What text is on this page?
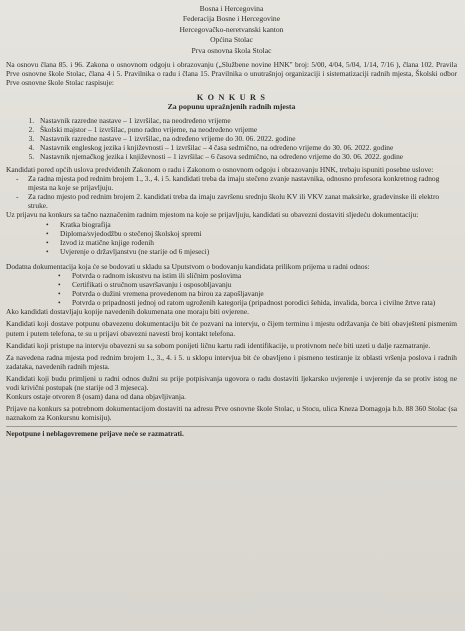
Bosna i Hercegovina
Federacija Bosne i Hercegovine
Hercegovačko-neretvanski kanton
Općina Stolac
Prva osnovna škola Stolac

Na osnovu člana 85. i 96. Zakona o osnovnom odgoju i obrazovanju („Službene novine HNK" broj: 5/00, 4/04, 5/04, 1/14, 7/16 ), člana 102. Pravila Prve osnovne škole Stolac, člana 4 i 5. Pravilnika o radu i člana 15. Pravilnika o unutrašnjoj organizaciji i sistematizaciji radnih mjesta, Školski odbor Prve osnovne škole Stolac raspisuje:

K O N K U R S
Za popunu upražnjenih radnih mjesta
1. Nastavnik razredne nastave – 1 izvršilac, na neodređeno vrijeme
2. Školski majstor – 1 izvršilac, puno radno vrijeme, na neodređeno vrijeme
3. Nastavnik razredne nastave – 1 izvršilac, na određeno vrijeme do 30. 06. 2022. godine
4. Nastavnik engleskog jezika i književnosti – 1 izvršilac – 4 časa sedmično, na određeno vrijeme do 30. 06. 2022. godine
5. Nastavnik njemačkog jezika i književnosti – 1 izvršilac – 6 časova sedmično, na određeno vrijeme do 30. 06. 2022. godine

Kandidati pored općih uslova predviđenih Zakonom o radu i Zakonom o osnovnom odgoju i obrazovanju HNK, trebaju ispuniti posebne uslove:

- Za radna mjesta pod rednim brojem 1., 3., 4. i 5. kandidati treba da imaju stečeno zvanje nastavnika, odnosno profesora konkretnog radnog mjesta na koje se prijavljuju.
- Za radno mjesto pod rednim brojem 2. kandidati treba da imaju završenu srednju školu KV ili VKV zanat maksirke, građevinske ili elektro struke.

Uz prijavu na konkurs sa tačno naznačenim radnim mjestom na koje se prijavljuju, kandidati su obavezni dostaviti sljedeću dokumentaciju:

• Kratka biografija
• Diploma/svjedodžbu o stečenoj školskoj spremi
• Izvod iz matične knjige rođenih
• Uvjerenje o državljanstvu (ne starije od 6 mjeseci)

Dodatna dokumentacija koja će se bodovati u skladu sa Uputstvom o bodovanju kandidata prilikom prijema u radni odnos:

• Potvrda o radnom iskustvu na istim ili sličnim poslovima
• Certifikati o stručnom usavršavanju i osposobljavanju
• Potvrda o dužini vremena provedenom na birou za zapošljavanje
• Potvrda o pripadnosti jednoj od ratom ugroženih kategorija (pripadnost porodici šehida, invalida, borca i civilne žrtve rata)

Ako kandidati dostavljaju kopije navedenih dokumenata one moraju biti ovjerene.

Kandidati koji dostave potpunu obavezenu dokumentaciju bit će pozvani na intervju, o čijem terminu i mjestu održavanja će biti obavještení pismenim putem i putem telefona, te su u prijavi obavezni navesti broj kontakt telefona.

Kandidati koji pristupe na intervju obavezni su sa sobom ponijeti ličnu kartu radi identifikacije, u protivnom neće biti uzeti u dalje razmatranje.

Za navedena radna mjesta pod rednim brojem 1., 3., 4. i 5. u sklopu intervjua bit će obavljeno i pismeno testiranje iz oblasti vršenja poslova i radnih zadataka, navedenih radnih mjesta.

Kandidati koji budu primljeni u radni odnos dužni su prije potpisivanja ugovora o radu dostaviti ljekarsko uvjerenje i uvjerenje da se protiv istog ne vodi krivični postupak (ne starije od 3 mjeseca).

Konkurs ostaje otvoren 8 (osam) dana od dana objavljivanja.

Prijave na konkurs sa potrebnom dokumentacijom dostaviti na adresu Prve osnovne škole Stolac, u Stocu, ulica Kneza Domagoja b.b. 88 360 Stolac (sa naznakom za Konkursnu komisiju).

Nepotpune i neblagovremene prijave neće se razmatrati.
